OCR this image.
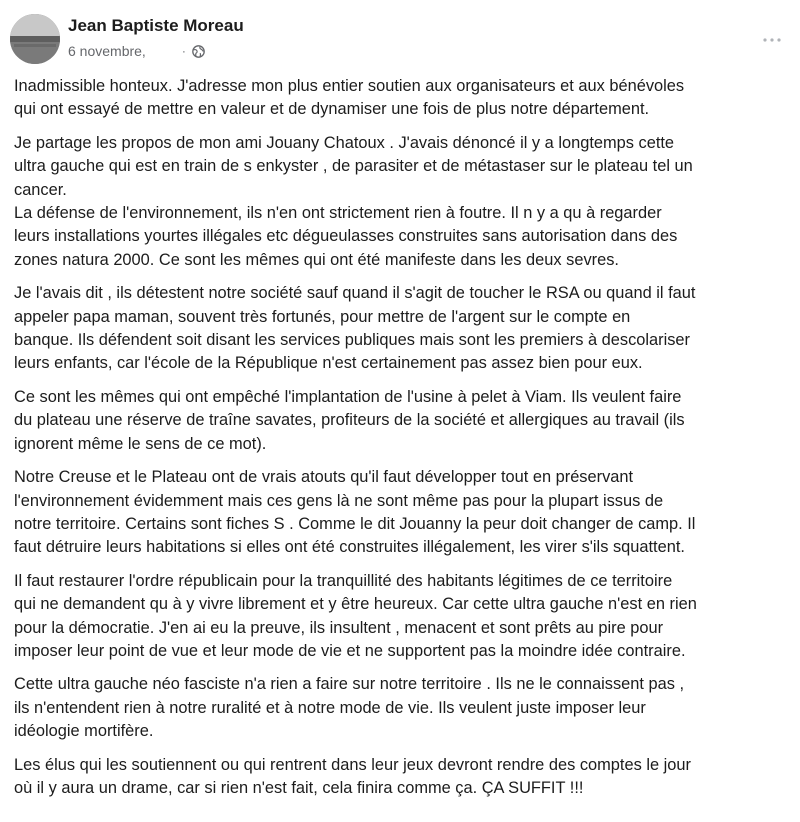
Jean Baptiste Moreau
6 novembre,	·

Inadmissible honteux. J'adresse mon plus entier soutien aux organisateurs et aux bénévoles
qui ont essayé de mettre en valeur et de dynamiser une fois de plus notre département.

Je partage les propos de mon ami Jouany Chatoux . J'avais dénoncé il y a longtemps cette
ultra gauche qui est en train de s enkyster , de parasiter et de métastaser sur le plateau tel un
cancer.
La défense de l'environnement, ils n'en ont strictement rien à foutre. Il n y a qu à regarder
leurs installations yourtes illégales etc dégueulasses construites sans autorisation dans des
zones natura 2000. Ce sont les mêmes qui ont été manifeste dans les deux sevres.

Je l'avais dit , ils détestent notre société sauf quand il s'agit de toucher le RSA ou quand il faut
appeler papa maman, souvent très fortunés, pour mettre de l'argent sur le compte en
banque. Ils défendent soit disant les services publiques mais sont les premiers à descolariser
leurs enfants, car l'école de la République n'est certainement pas assez bien pour eux.

Ce sont les mêmes qui ont empêché l'implantation de l'usine à pelet à Viam. Ils veulent faire
du plateau une réserve de traîne savates, profiteurs de la société et allergiques au travail (ils
ignorent même le sens de ce mot).

Notre Creuse et le Plateau ont de vrais atouts qu'il faut développer tout en préservant
l'environnement évidemment mais ces gens là ne sont même pas pour la plupart issus de
notre territoire. Certains sont fiches S . Comme le dit Jouanny la peur doit changer de camp. Il
faut détruire leurs habitations si elles ont été construites illégalement, les virer s'ils squattent.

Il faut restaurer l'ordre républicain pour la tranquillité des habitants légitimes de ce territoire
qui ne demandent qu à y vivre librement et y être heureux. Car cette ultra gauche n'est en rien
pour la démocratie. J'en ai eu la preuve, ils insultent , menacent et sont prêts au pire pour
imposer leur point de vue et leur mode de vie et ne supportent pas la moindre idée contraire.

Cette ultra gauche néo fasciste n'a rien a faire sur notre territoire . Ils ne le connaissent pas ,
ils n'entendent rien à notre ruralité et à notre mode de vie. Ils veulent juste imposer leur
idéologie mortifère.

Les élus qui les soutiennent ou qui rentrent dans leur jeux devront rendre des comptes le jour
où il y aura un drame, car si rien n'est fait, cela finira comme ça. ÇA SUFFIT !!!
